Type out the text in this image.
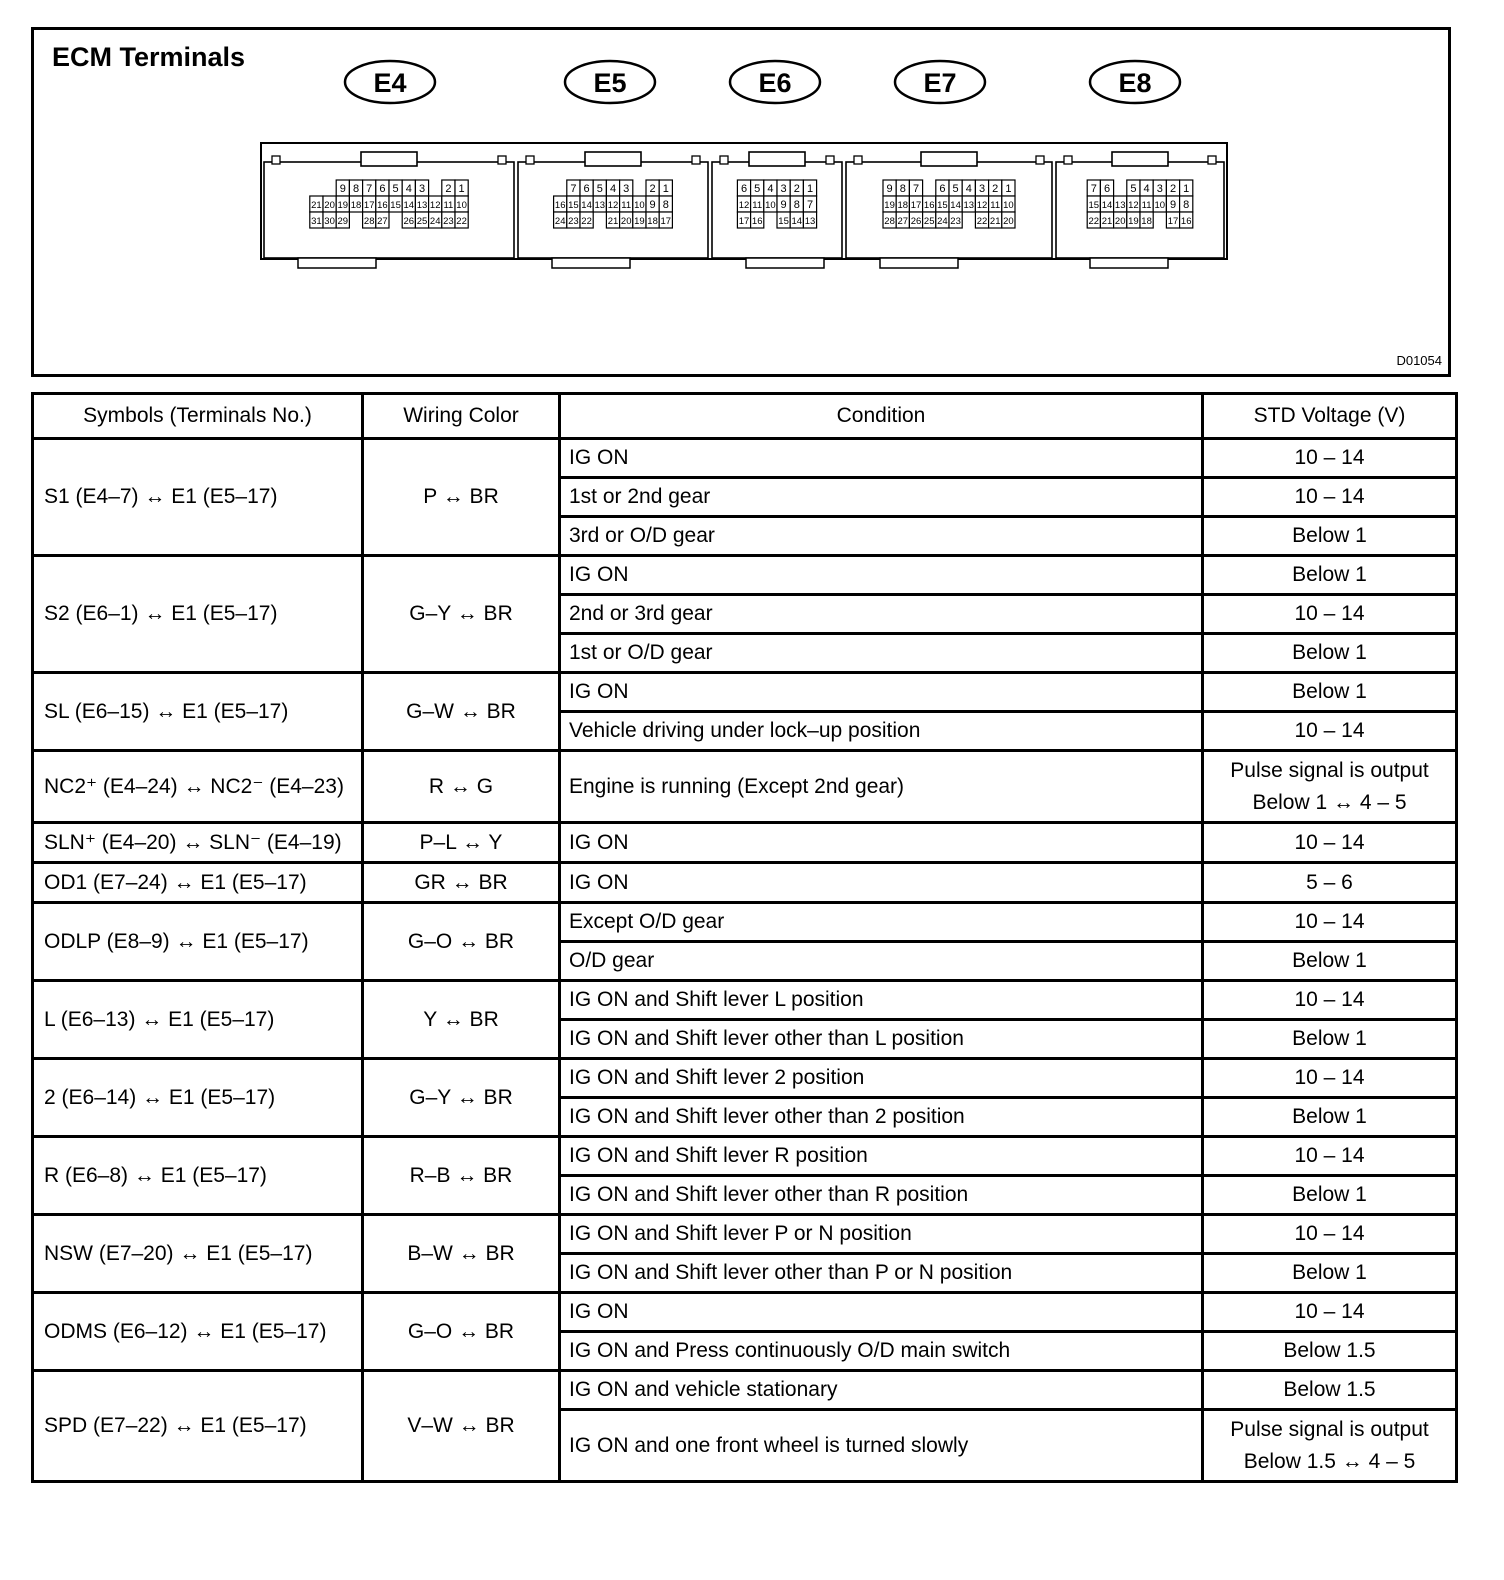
ECM Terminals
E4
9 8 7 6 5 4 3 2 1
21 20 19 18 17 16 15 14 13 12 11 10
31 30 29 28 27 26 25 24 23 22
E5
7 6 5 4 3 2 1
16 15 14 13 12 11 10 9 8
24 23 22 21 20 19 18 17
E6
6 5 4 3 2 1
12 11 10 9 8 7
17 16 15 14 13
E7
9 8 7 6 5 4 3 2 1
19 18 17 16 15 14 13 12 11 10
28 27 26 25 24 23 22 21 20
E8
7 6 5 4 3 2 1
15 14 13 12 11 10 9 8
22 21 20 19 18 17 16
D01054
Symbols (Terminals No.)	Wiring Color	Condition	STD Voltage (V)
S1 (E4–7) ↔ E1 (E5–17)	P ↔ BR	IG ON	10 – 14
		1st or 2nd gear	10 – 14
		3rd or O/D gear	Below 1
S2 (E6–1) ↔ E1 (E5–17)	G–Y ↔ BR	IG ON	Below 1
		2nd or 3rd gear	10 – 14
		1st or O/D gear	Below 1
SL (E6–15) ↔ E1 (E5–17)	G–W ↔ BR	IG ON	Below 1
		Vehicle driving under lock–up position	10 – 14
NC2⁺ (E4–24) ↔ NC2⁻ (E4–23)	R ↔ G	Engine is running (Except 2nd gear)	Pulse signal is output
Below 1 ↔ 4 – 5

SLN⁺ (E4–20) ↔ SLN⁻ (E4–19)	P–L ↔ Y	IG ON	10 – 14
OD1 (E7–24) ↔ E1 (E5–17)	GR ↔ BR	IG ON	5 – 6
ODLP (E8–9) ↔ E1 (E5–17)	G–O ↔ BR	Except O/D gear	10 – 14
		O/D gear	Below 1
L (E6–13) ↔ E1 (E5–17)	Y ↔ BR	IG ON and Shift lever L position	10 – 14
		IG ON and Shift lever other than L position	Below 1
2 (E6–14) ↔ E1 (E5–17)	G–Y ↔ BR	IG ON and Shift lever 2 position	10 – 14
		IG ON and Shift lever other than 2 position	Below 1
R (E6–8) ↔ E1 (E5–17)	R–B ↔ BR	IG ON and Shift lever R position	10 – 14
		IG ON and Shift lever other than R position	Below 1
NSW (E7–20) ↔ E1 (E5–17)	B–W ↔ BR	IG ON and Shift lever P or N position	10 – 14
		IG ON and Shift lever other than P or N position	Below 1
ODMS (E6–12) ↔ E1 (E5–17)	G–O ↔ BR	IG ON	10 – 14
		IG ON and Press continuously O/D main switch	Below 1.5
SPD (E7–22) ↔ E1 (E5–17)	V–W ↔ BR	IG ON and vehicle stationary	Below 1.5
		IG ON and one front wheel is turned slowly	Pulse signal is output
Below 1.5 ↔ 4 – 5
